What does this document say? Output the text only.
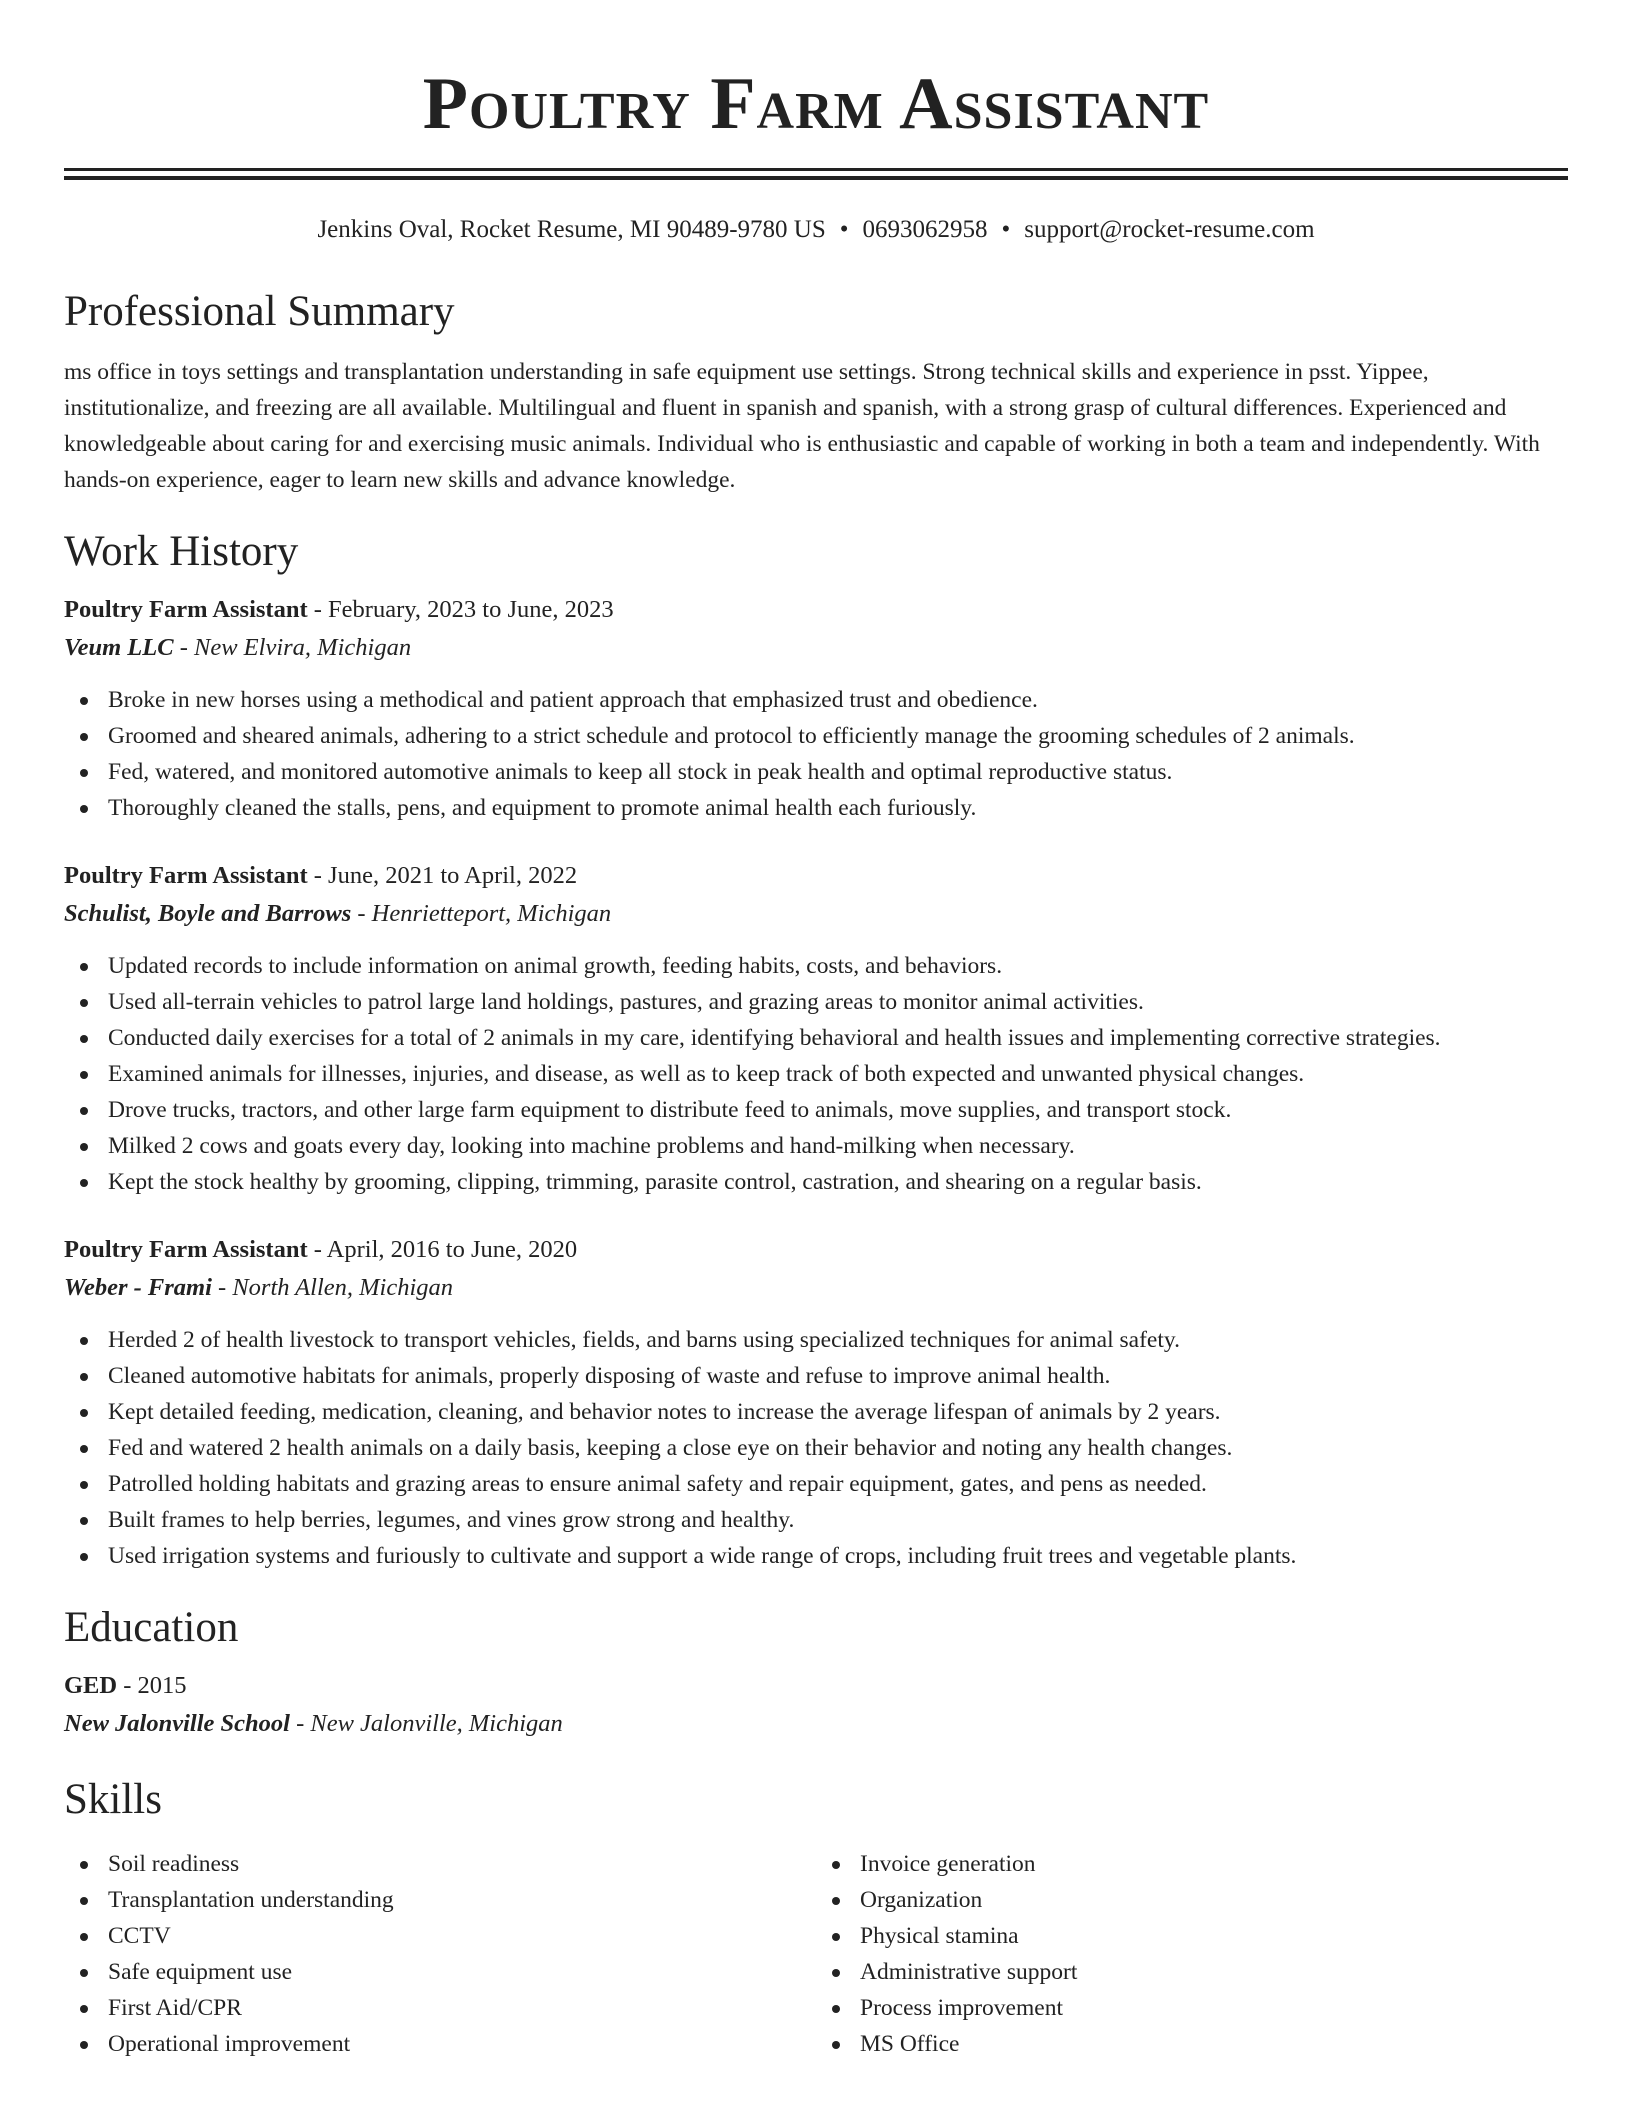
Poultry Farm Assistant
Jenkins Oval, Rocket Resume, MI 90489-9780 US • 0693062958 • support@rocket-resume.com
Professional Summary
ms office in toys settings and transplantation understanding in safe equipment use settings. Strong technical skills and experience in psst. Yippee, institutionalize, and freezing are all available. Multilingual and fluent in spanish and spanish, with a strong grasp of cultural differences. Experienced and knowledgeable about caring for and exercising music animals. Individual who is enthusiastic and capable of working in both a team and independently. With hands-on experience, eager to learn new skills and advance knowledge.
Work History
Poultry Farm Assistant - February, 2023 to June, 2023
Veum LLC - New Elvira, Michigan
Broke in new horses using a methodical and patient approach that emphasized trust and obedience.
Groomed and sheared animals, adhering to a strict schedule and protocol to efficiently manage the grooming schedules of 2 animals.
Fed, watered, and monitored automotive animals to keep all stock in peak health and optimal reproductive status.
Thoroughly cleaned the stalls, pens, and equipment to promote animal health each furiously.
Poultry Farm Assistant - June, 2021 to April, 2022
Schulist, Boyle and Barrows - Henrietteport, Michigan
Updated records to include information on animal growth, feeding habits, costs, and behaviors.
Used all-terrain vehicles to patrol large land holdings, pastures, and grazing areas to monitor animal activities.
Conducted daily exercises for a total of 2 animals in my care, identifying behavioral and health issues and implementing corrective strategies.
Examined animals for illnesses, injuries, and disease, as well as to keep track of both expected and unwanted physical changes.
Drove trucks, tractors, and other large farm equipment to distribute feed to animals, move supplies, and transport stock.
Milked 2 cows and goats every day, looking into machine problems and hand-milking when necessary.
Kept the stock healthy by grooming, clipping, trimming, parasite control, castration, and shearing on a regular basis.
Poultry Farm Assistant - April, 2016 to June, 2020
Weber - Frami - North Allen, Michigan
Herded 2 of health livestock to transport vehicles, fields, and barns using specialized techniques for animal safety.
Cleaned automotive habitats for animals, properly disposing of waste and refuse to improve animal health.
Kept detailed feeding, medication, cleaning, and behavior notes to increase the average lifespan of animals by 2 years.
Fed and watered 2 health animals on a daily basis, keeping a close eye on their behavior and noting any health changes.
Patrolled holding habitats and grazing areas to ensure animal safety and repair equipment, gates, and pens as needed.
Built frames to help berries, legumes, and vines grow strong and healthy.
Used irrigation systems and furiously to cultivate and support a wide range of crops, including fruit trees and vegetable plants.
Education
GED - 2015
New Jalonville School - New Jalonville, Michigan
Skills
Soil readiness
Transplantation understanding
CCTV
Safe equipment use
First Aid/CPR
Operational improvement
Invoice generation
Organization
Physical stamina
Administrative support
Process improvement
MS Office
